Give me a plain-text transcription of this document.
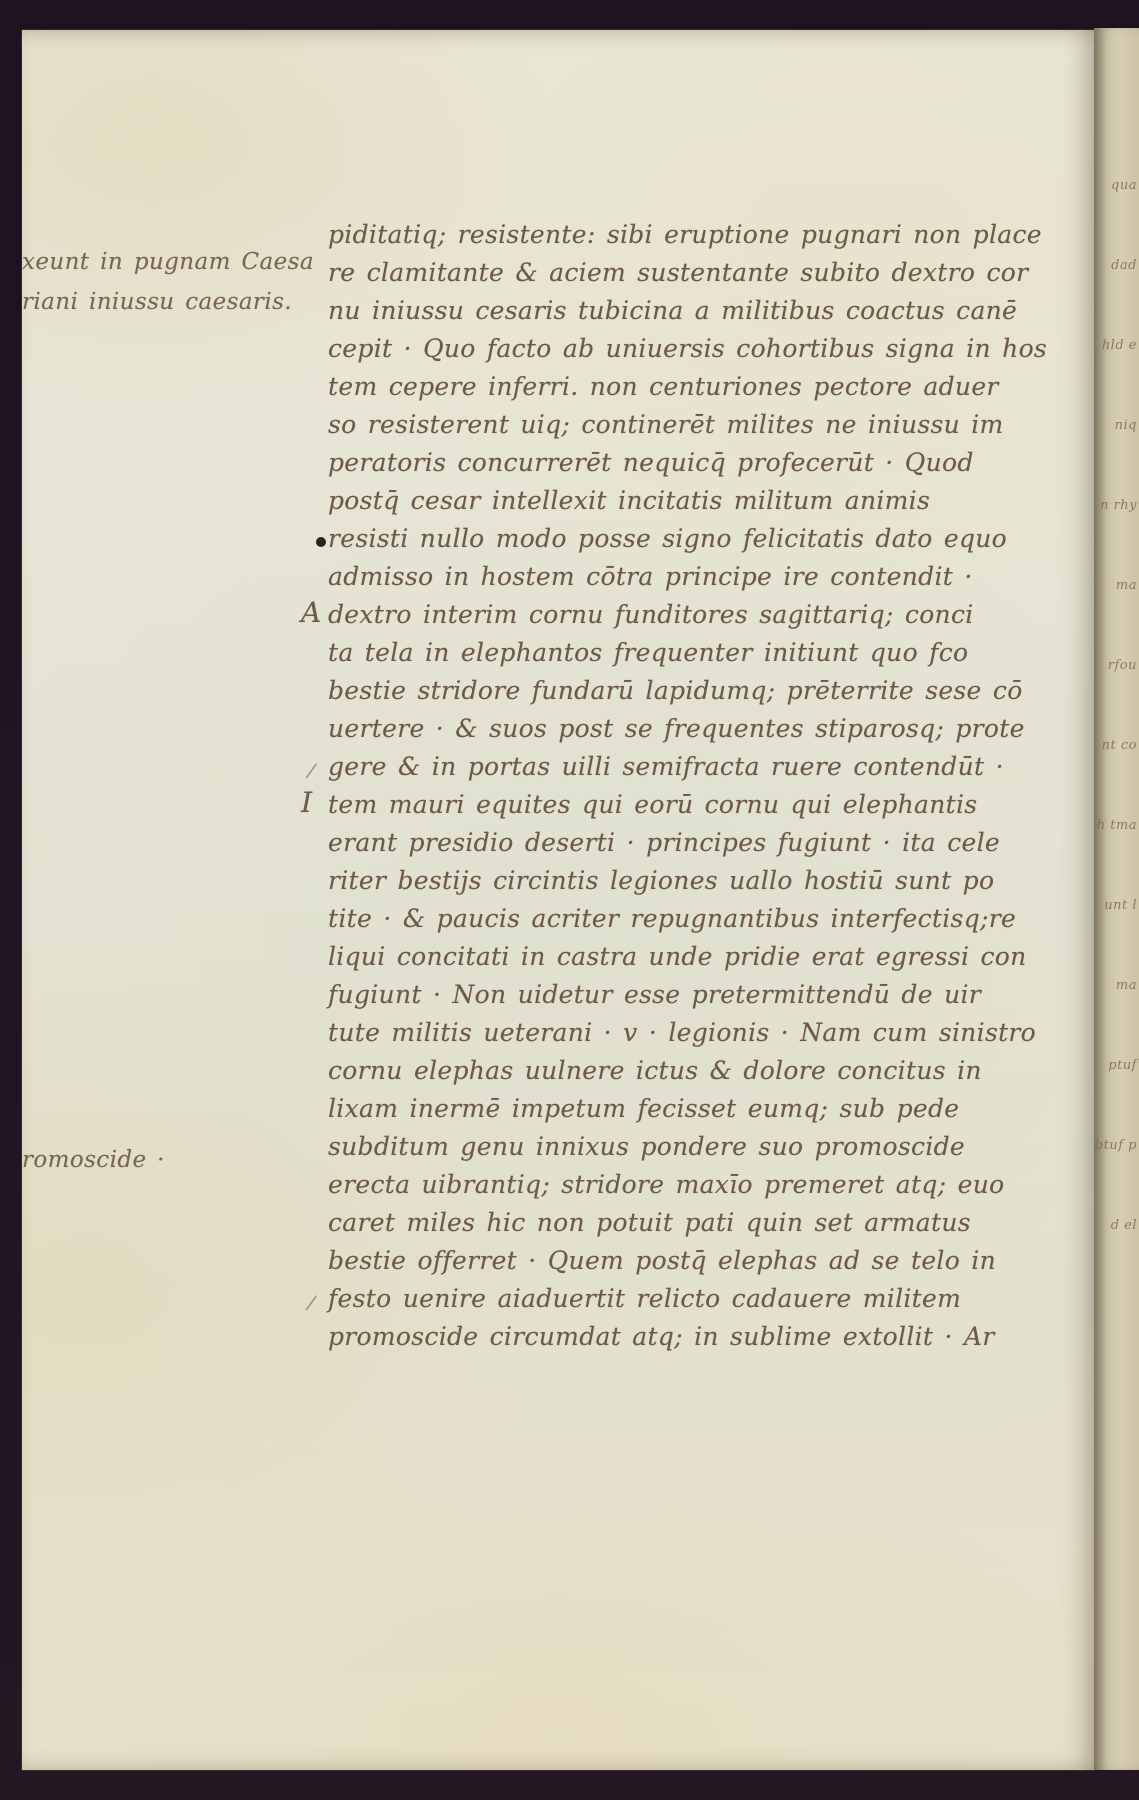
xeunt in pugnam Caesa
riani iniussu caesaris.
romoscide ·
piditatiq; resistente: sibi eruptione pugnari non place
re clamitante & aciem sustentante subito dextro cor
nu iniussu cesaris tubicina a militibus coactus canē
cepit · Quo facto ab uniuersis cohortibus signa in hos
tem cepere inferri. non centuriones pectore aduer
so resisterent uiq; continerēt milites ne iniussu im
peratoris concurrerēt nequicq̄ profecerūt · Quod
postq̄ cesar intellexit incitatis militum animis
resisti nullo modo posse signo felicitatis dato equo
admisso in hostem cōtra principe ire contendit ·
A dextro interim cornu funditores sagittariq; conci
ta tela in elephantos frequenter initiunt quo fco
bestie stridore fundarū lapidumq; prēterrite sese cō
uertere · & suos post se frequentes stiparosq; prote
gere & in portas uilli semifracta ruere contendūt · /
I tem mauri equites qui eorū cornu qui elephantis
erant presidio deserti · principes fugiunt · ita cele
riter bestijs circintis legiones uallo hostiū sunt po
tite · & paucis acriter repugnantibus interfectisq;re
liqui concitati in castra unde pridie erat egressi con
fugiunt · Non uidetur esse pretermittendū de uir
tute militis ueterani · v · legionis · Nam cum sinistro
cornu elephas uulnere ictus & dolore concitus in
lixam inermē impetum fecisset eumq; sub pede
subditum genu innixus pondere suo promoscide
erecta uibrantiq; stridore maxīo premeret atq; euo
caret miles hic non potuit pati quin set armatus
bestie offerret · Quem postq̄ elephas ad se telo in
festo uenire aiaduertit relicto cadauere militem /
promoscide circumdat atq; in sublime extollit · Ar
qua
dad
hld e
niq
n rhy
ma
rfou
nt co
h tma
unt l
ma
ptuf
btuf p
d el
